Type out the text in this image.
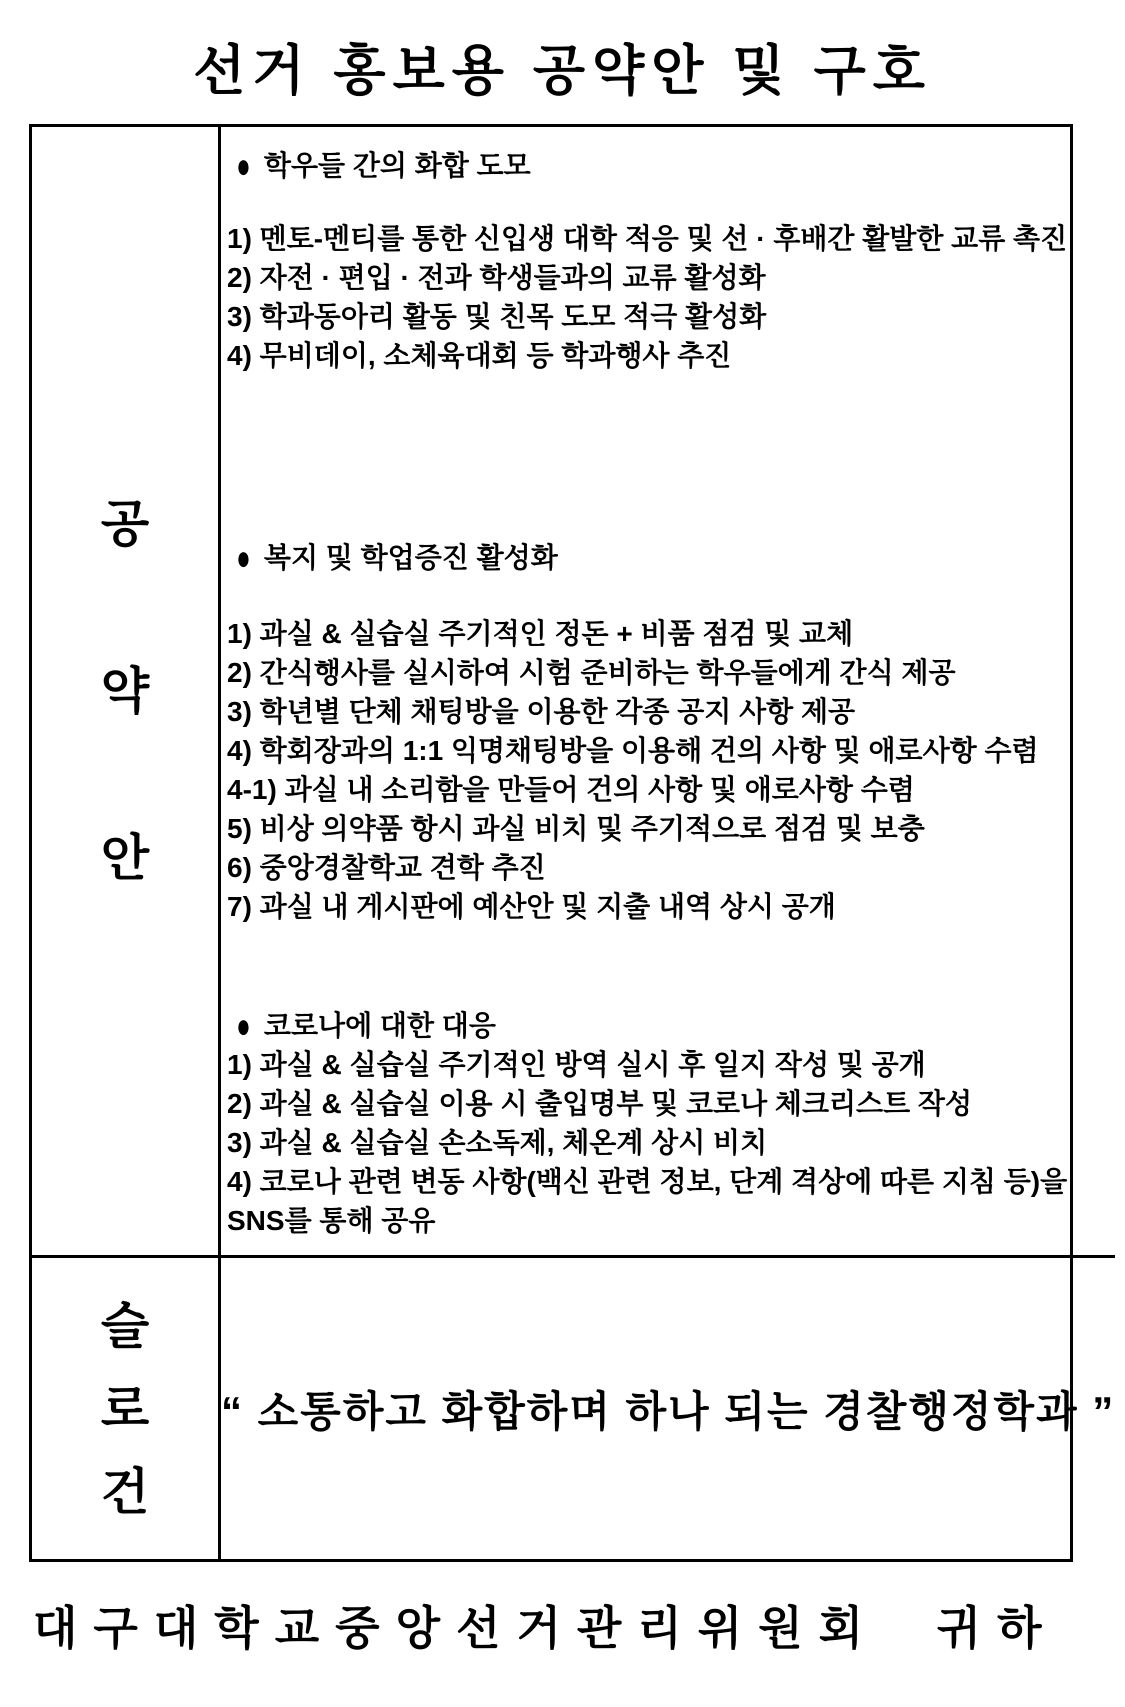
선거 홍보용 공약안 및 구호
공
약
안
● 학우들 간의 화합 도모
1) 멘토-멘티를 통한 신입생 대학 적응 및 선 · 후배간 활발한 교류 촉진
2) 자전 · 편입 · 전과 학생들과의 교류 활성화
3) 학과동아리 활동 및 친목 도모 적극 활성화
4) 무비데이, 소체육대회 등 학과행사 추진
● 복지 및 학업증진 활성화
1) 과실 & 실습실 주기적인 정돈 + 비품 점검 및 교체
2) 간식행사를 실시하여 시험 준비하는 학우들에게 간식 제공
3) 학년별 단체 채팅방을 이용한 각종 공지 사항 제공
4) 학회장과의 1:1 익명채팅방을 이용해 건의 사항 및 애로사항 수렴
4-1) 과실 내 소리함을 만들어 건의 사항 및 애로사항 수렴
5) 비상 의약품 항시 과실 비치 및 주기적으로 점검 및 보충
6) 중앙경찰학교 견학 추진
7) 과실 내 게시판에 예산안 및 지출 내역 상시 공개
● 코로나에 대한 대응
1) 과실 & 실습실 주기적인 방역 실시 후 일지 작성 및 공개
2) 과실 & 실습실 이용 시 출입명부 및 코로나 체크리스트 작성
3) 과실 & 실습실 손소독제, 체온계 상시 비치
4) 코로나 관련 변동 사항(백신 관련 정보, 단계 격상에 따른 지침 등)을 SNS를 통해 공유
슬
로
건
“ 소통하고 화합하며 하나 되는 경찰행정학과 ”
대구대학교중앙선거관리위원회  귀하
